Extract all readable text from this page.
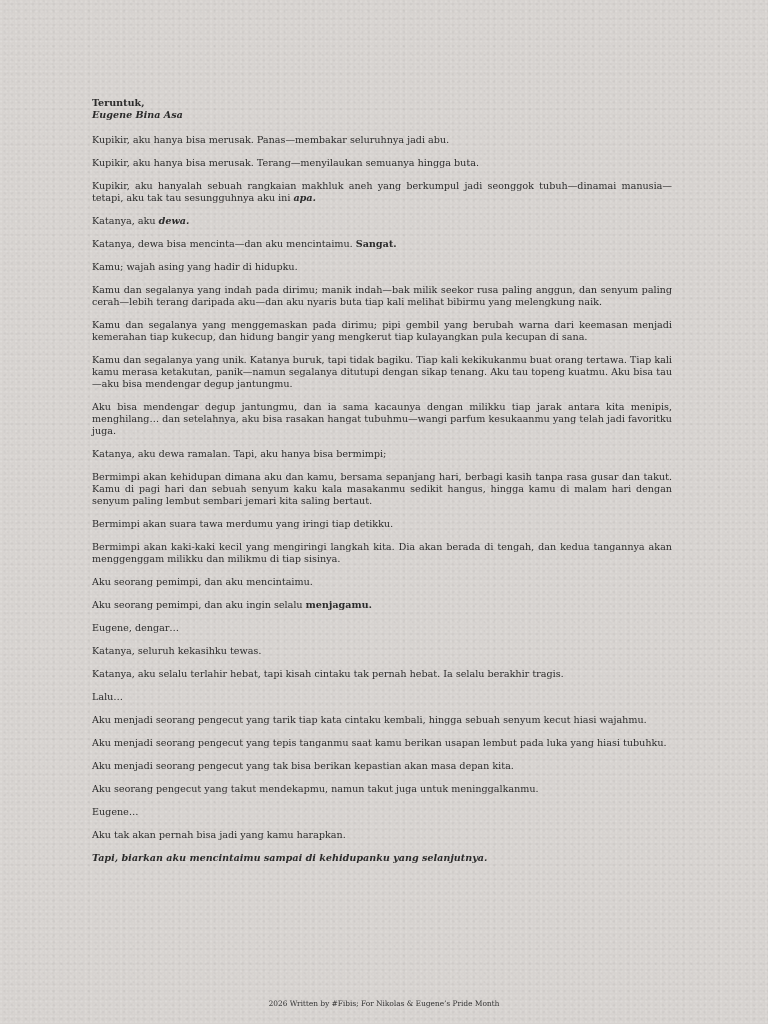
Teruntuk,
Eugene Bina Asa

Kupikir, aku hanya bisa merusak. Panas—membakar seluruhnya jadi abu.

Kupikir, aku hanya bisa merusak. Terang—menyilaukan semuanya hingga buta.

Kupikir, aku hanyalah sebuah rangkaian makhluk aneh yang berkumpul jadi seonggok tubuh—dinamai manusia—tetapi, aku tak tau sesungguhnya aku ini apa.

Katanya, aku dewa.

Katanya, dewa bisa mencinta—dan aku mencintaimu. Sangat.

Kamu; wajah asing yang hadir di hidupku.

Kamu dan segalanya yang indah pada dirimu; manik indah—bak milik seekor rusa paling anggun, dan senyum paling cerah—lebih terang daripada aku—dan aku nyaris buta tiap kali melihat bibirmu yang melengkung naik.

Kamu dan segalanya yang menggemaskan pada dirimu; pipi gembil yang berubah warna dari keemasan menjadi kemerahan tiap kukecup, dan hidung bangir yang mengkerut tiap kulayangkan pula kecupan di sana.

Kamu dan segalanya yang unik. Katanya buruk, tapi tidak bagiku. Tiap kali kekikukanmu buat orang tertawa. Tiap kali kamu merasa ketakutan, panik—namun segalanya ditutupi dengan sikap tenang. Aku tau topeng kuatmu. Aku bisa tau—aku bisa mendengar degup jantungmu.

Aku bisa mendengar degup jantungmu, dan ia sama kacaunya dengan milikku tiap jarak antara kita menipis, menghilang… dan setelahnya, aku bisa rasakan hangat tubuhmu—wangi parfum kesukaanmu yang telah jadi favoritku juga.

Katanya, aku dewa ramalan. Tapi, aku hanya bisa bermimpi;

Bermimpi akan kehidupan dimana aku dan kamu, bersama sepanjang hari, berbagi kasih tanpa rasa gusar dan takut. Kamu di pagi hari dan sebuah senyum kaku kala masakanmu sedikit hangus, hingga kamu di malam hari dengan senyum paling lembut sembari jemari kita saling bertaut.

Bermimpi akan suara tawa merdumu yang iringi tiap detikku.

Bermimpi akan kaki-kaki kecil yang mengiringi langkah kita. Dia akan berada di tengah, dan kedua tangannya akan menggenggam milikku dan milikmu di tiap sisinya.

Aku seorang pemimpi, dan aku mencintaimu.

Aku seorang pemimpi, dan aku ingin selalu menjagamu.

Eugene, dengar…

Katanya, seluruh kekasihku tewas.

Katanya, aku selalu terlahir hebat, tapi kisah cintaku tak pernah hebat. Ia selalu berakhir tragis.

Lalu…

Aku menjadi seorang pengecut yang tarik tiap kata cintaku kembali, hingga sebuah senyum kecut hiasi wajahmu.

Aku menjadi seorang pengecut yang tepis tanganmu saat kamu berikan usapan lembut pada luka yang hiasi tubuhku.

Aku menjadi seorang pengecut yang tak bisa berikan kepastian akan masa depan kita.

Aku seorang pengecut yang takut mendekapmu, namun takut juga untuk meninggalkanmu.

Eugene…

Aku tak akan pernah bisa jadi yang kamu harapkan.

Tapi, biarkan aku mencintaimu sampai di kehidupanku yang selanjutnya.

2026 Written by #Fibis; For Nikolas & Eugene’s Pride Month
